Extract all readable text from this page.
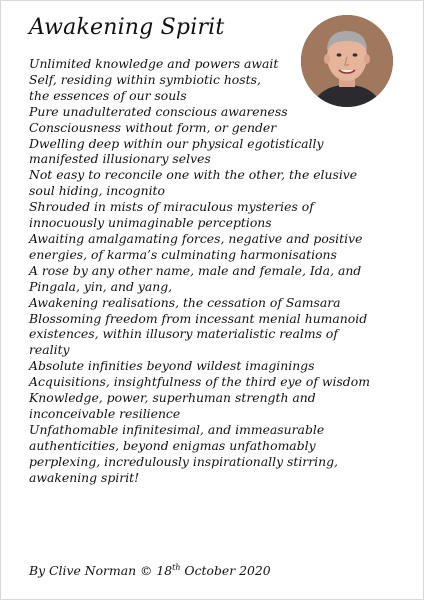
Awakening Spirit
Unlimited knowledge and powers await
Self, residing within symbiotic hosts,
the essences of our souls
Pure unadulterated conscious awareness
Consciousness without form, or gender
Dwelling deep within our physical egotistically
manifested illusionary selves
Not easy to reconcile one with the other, the elusive
soul hiding, incognito
Shrouded in mists of miraculous mysteries of
innocuously unimaginable perceptions
Awaiting amalgamating forces, negative and positive
energies, of karma’s culminating harmonisations
A rose by any other name, male and female, Ida, and
Pingala, yin, and yang,
Awakening realisations, the cessation of Samsara
Blossoming freedom from incessant menial humanoid
existences, within illusory materialistic realms of
reality
Absolute infinities beyond wildest imaginings
Acquisitions, insightfulness of the third eye of wisdom
Knowledge, power, superhuman strength and
inconceivable resilience
Unfathomable infinitesimal, and immeasurable
authenticities, beyond enigmas unfathomably
perplexing, incredulously inspirationally stirring,
awakening spirit!
By Clive Norman © 18th October 2020
